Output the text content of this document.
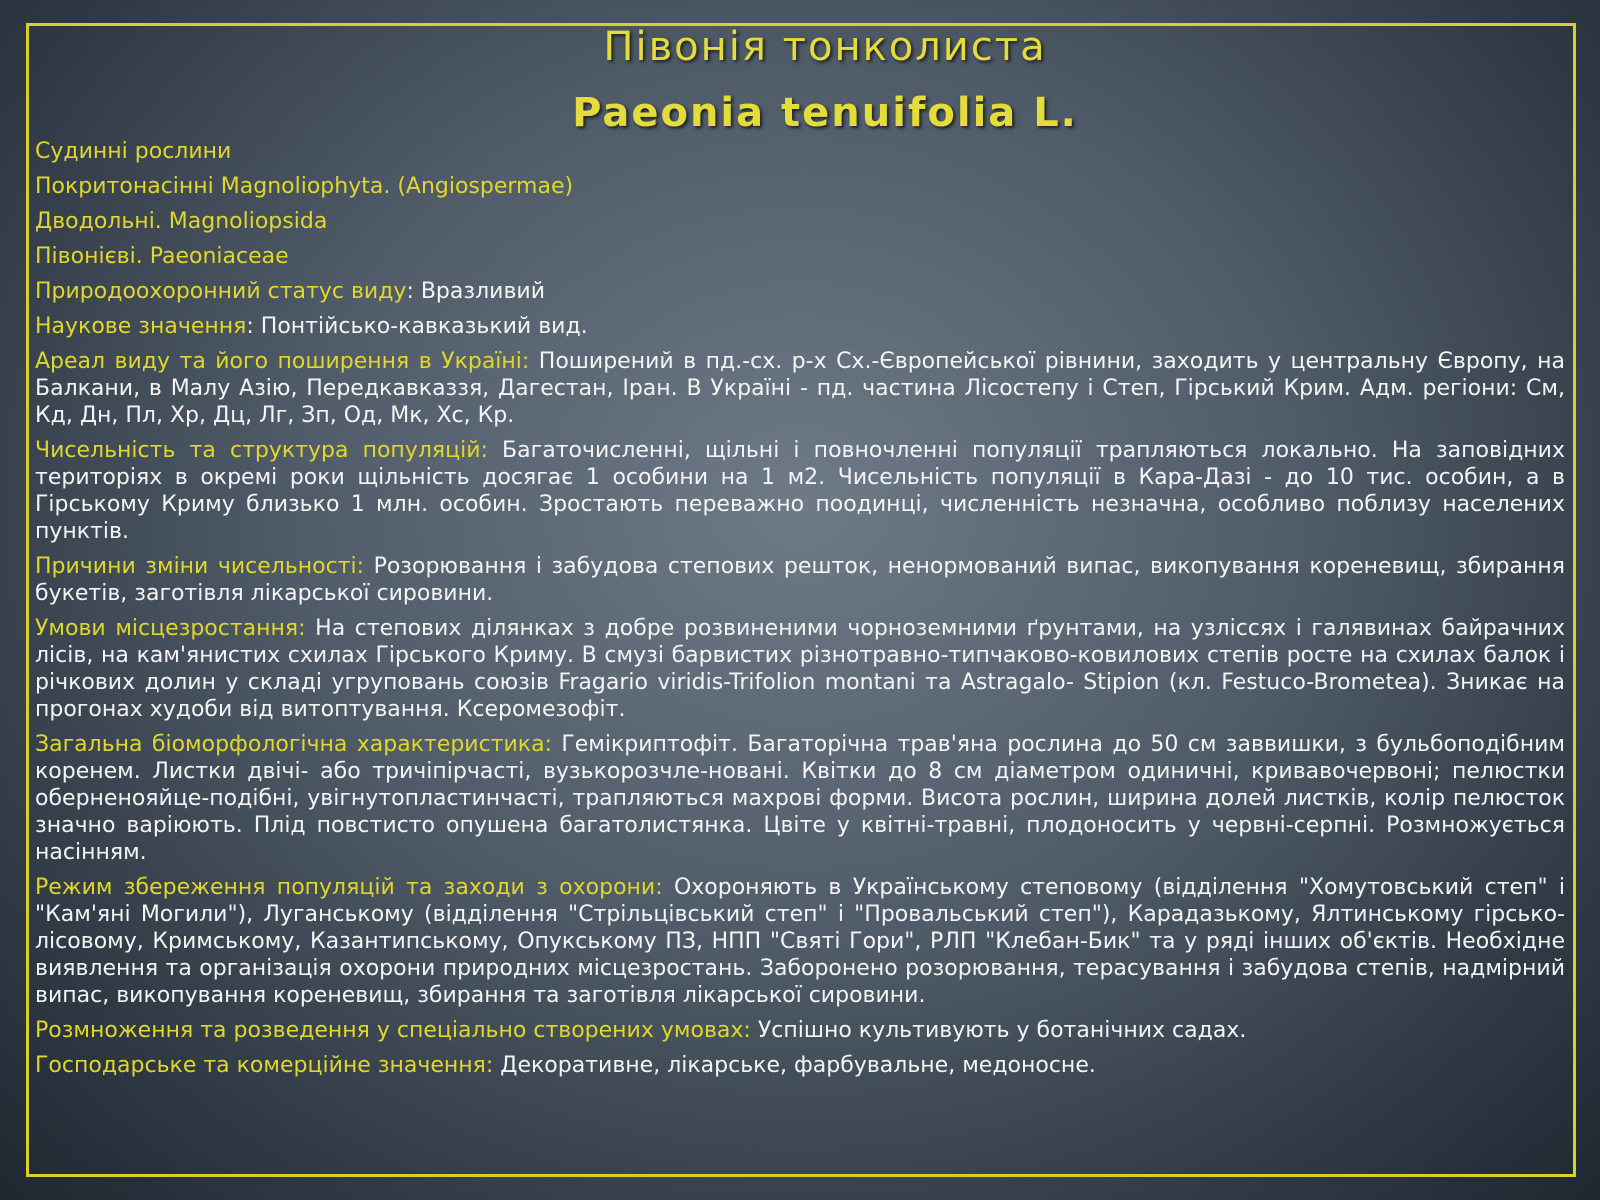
Півонія тонколиста
Paeonia tenuifolia L.
Судинні рослини
Покритонасінні Magnoliophyta. (Angiospermae)
Дводольні. Magnoliopsida
Півонієві. Paeoniaceae
Природоохоронний статус виду: Вразливий
Наукове значення: Понтійсько-кавказький вид.
Ареал виду та його поширення в Україні: Поширений в пд.-сх. р-х Сх.-Європейської рівнини, заходить у центральну Європу, на Балкани, в Малу Азію, Передкавказзя, Дагестан, Іран. В Україні - пд. частина Лісостепу і Степ, Гірський Крим. Адм. регіони: См, Кд, Дн, Пл, Хр, Дц, Лг, Зп, Од, Мк, Хс, Кр.
Чисельність та структура популяцій: Багаточисленні, щільні і повночленні популяції трапляються локально. На заповідних територіях в окремі роки щільність досягає 1 особини на 1 м2. Чисельність популяції в Кара-Дазі - до 10 тис. особин, а в Гірському Криму близько 1 млн. особин. Зростають переважно поодинці, численність незначна, особливо поблизу населених пунктів.
Причини зміни чисельності: Розорювання і забудова степових решток, ненормований випас, викопування кореневищ, збирання букетів, заготівля лікарської сировини.
Умови місцезростання: На степових ділянках з добре розвиненими чорноземними ґрунтами, на узліссях і галявинах байрачних лісів, на кам'янистих схилах Гірського Криму. В смузі барвистих різнотравно-типчаково-ковилових степів росте на схилах балок і річкових долин у складі угруповань союзів Fragario viridis-Trifolion montani та Astragalo- Stipion (кл. Festuco-Brometea). Зникає на прогонах худоби від витоптування. Ксеромезофіт.
Загальна біоморфологічна характеристика: Гемікриптофіт. Багаторічна трав'яна рослина до 50 см заввишки, з бульбоподібним коренем. Листки двічі- або тричіпірчасті, вузькорозчле-новані. Квітки до 8 см діаметром одиничні, кривавочервоні; пелюстки оберненояйце-подібні, увігнутопластинчасті, трапляються махрові форми. Висота рослин, ширина долей листків, колір пелюсток значно варіюють. Плід повстисто опушена багатолистянка. Цвіте у квітні-травні, плодоносить у червні-серпні. Розмножується насінням.
Режим збереження популяцій та заходи з охорони: Охороняють в Українському степовому (відділення "Хомутовський степ" і "Кам'яні Могили"), Луганському (відділення "Стрільцівський степ" і "Провальський степ"), Карадазькому, Ялтинському гірсько-лісовому, Кримському, Казантипському, Опукському ПЗ, НПП "Святі Гори", РЛП "Клебан-Бик" та у ряді інших об'єктів. Необхідне виявлення та організація охорони природних місцезростань. Заборонено розорювання, терасування і забудова степів, надмірний випас, викопування кореневищ, збирання та заготівля лікарської сировини.
Розмноження та розведення у спеціально створених умовах: Успішно культивують у ботанічних садах.
Господарське та комерційне значення: Декоративне, лікарське, фарбувальне, медоносне.
